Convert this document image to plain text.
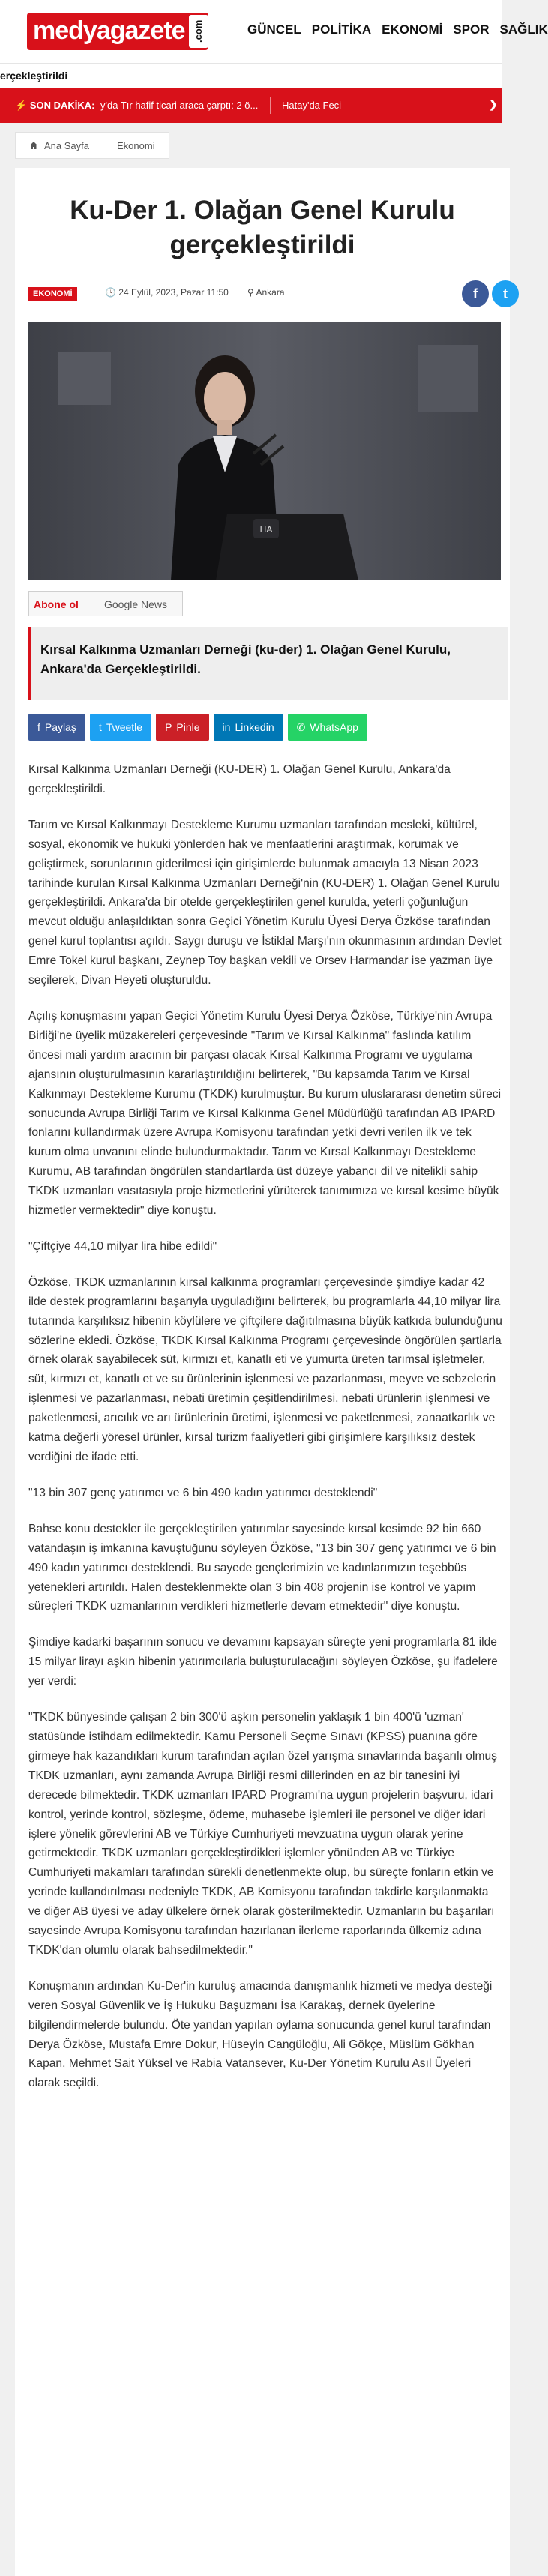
medyagazete .com	GÜNCEL POLİTİKA EKONOMİ SPOR SAĞLIK
erçekleştirildi
⚡ SON DAKİKA: y'da Tır hafif ticari araca çarptı: 2 ö... Hatay'da Feci	❯
Ana Sayfa	Ekonomi
Ku-Der 1. Olağan Genel Kurulu gerçekleştirildi
EKONOMİ	🕓 24 Eylül, 2023, Pazar 11:50 ⚲ Ankara	f	t
HA
Abone ol Google News
Kırsal Kalkınma Uzmanları Derneği (ku-der) 1. Olağan Genel Kurulu, Ankara'da Gerçekleştirildi.
f Paylaş t Tweetle P Pinle in Linkedin ✆ WhatsApp

Kırsal Kalkınma Uzmanları Derneği (KU-DER) 1. Olağan Genel Kurulu, Ankara'da gerçekleştirildi.

Tarım ve Kırsal Kalkınmayı Destekleme Kurumu uzmanları tarafından mesleki, kültürel, sosyal, ekonomik ve hukuki yönlerden hak ve menfaatlerini araştırmak, korumak ve geliştirmek, sorunlarının giderilmesi için girişimlerde bulunmak amacıyla 13 Nisan 2023 tarihinde kurulan Kırsal Kalkınma Uzmanları Derneği'nin (KU-DER) 1. Olağan Genel Kurulu gerçekleştirildi. Ankara'da bir otelde gerçekleştirilen genel kurulda, yeterli çoğunluğun mevcut olduğu anlaşıldıktan sonra Geçici Yönetim Kurulu Üyesi Derya Özköse tarafından genel kurul toplantısı açıldı. Saygı duruşu ve İstiklal Marşı'nın okunmasının ardından Devlet Emre Tokel kurul başkanı, Zeynep Toy başkan vekili ve Orsev Harmandar ise yazman üye seçilerek, Divan Heyeti oluşturuldu.

Açılış konuşmasını yapan Geçici Yönetim Kurulu Üyesi Derya Özköse, Türkiye'nin Avrupa Birliği'ne üyelik müzakereleri çerçevesinde "Tarım ve Kırsal Kalkınma" faslında katılım öncesi mali yardım aracının bir parçası olacak Kırsal Kalkınma Programı ve uygulama ajansının oluşturulmasının kararlaştırıldığını belirterek, "Bu kapsamda Tarım ve Kırsal Kalkınmayı Destekleme Kurumu (TKDK) kurulmuştur. Bu kurum uluslararası denetim süreci sonucunda Avrupa Birliği Tarım ve Kırsal Kalkınma Genel Müdürlüğü tarafından AB IPARD fonlarını kullandırmak üzere Avrupa Komisyonu tarafından yetki devri verilen ilk ve tek kurum olma unvanını elinde bulundurmaktadır. Tarım ve Kırsal Kalkınmayı Destekleme Kurumu, AB tarafından öngörülen standartlarda üst düzeye yabancı dil ve nitelikli sahip TKDK uzmanları vasıtasıyla proje hizmetlerini yürüterek tanımımıza ve kırsal kesime büyük hizmetler vermektedir" diye konuştu.

"Çiftçiye 44,10 milyar lira hibe edildi"

Özköse, TKDK uzmanlarının kırsal kalkınma programları çerçevesinde şimdiye kadar 42 ilde destek programlarını başarıyla uyguladığını belirterek, bu programlarla 44,10 milyar lira tutarında karşılıksız hibenin köylülere ve çiftçilere dağıtılmasına büyük katkıda bulunduğunu sözlerine ekledi. Özköse, TKDK Kırsal Kalkınma Programı çerçevesinde öngörülen şartlarla örnek olarak sayabilecek süt, kırmızı et, kanatlı eti ve yumurta üreten tarımsal işletmeler, süt, kırmızı et, kanatlı et ve su ürünlerinin işlenmesi ve pazarlanması, meyve ve sebzelerin işlenmesi ve pazarlanması, nebati üretimin çeşitlendirilmesi, nebati ürünlerin işlenmesi ve paketlenmesi, arıcılık ve arı ürünlerinin üretimi, işlenmesi ve paketlenmesi, zanaatkarlık ve katma değerli yöresel ürünler, kırsal turizm faaliyetleri gibi girişimlere karşılıksız destek verdiğini de ifade etti.

"13 bin 307 genç yatırımcı ve 6 bin 490 kadın yatırımcı desteklendi"

Bahse konu destekler ile gerçekleştirilen yatırımlar sayesinde kırsal kesimde 92 bin 660 vatandaşın iş imkanına kavuştuğunu söyleyen Özköse, "13 bin 307 genç yatırımcı ve 6 bin 490 kadın yatırımcı desteklendi. Bu sayede gençlerimizin ve kadınlarımızın teşebbüs yetenekleri artırıldı. Halen desteklenmekte olan 3 bin 408 projenin ise kontrol ve yapım süreçleri TKDK uzmanlarının verdikleri hizmetlerle devam etmektedir" diye konuştu.

Şimdiye kadarki başarının sonucu ve devamını kapsayan süreçte yeni programlarla 81 ilde 15 milyar lirayı aşkın hibenin yatırımcılarla buluşturulacağını söyleyen Özköse, şu ifadelere yer verdi:

"TKDK bünyesinde çalışan 2 bin 300'ü aşkın personelin yaklaşık 1 bin 400'ü 'uzman' statüsünde istihdam edilmektedir. Kamu Personeli Seçme Sınavı (KPSS) puanına göre girmeye hak kazandıkları kurum tarafından açılan özel yarışma sınavlarında başarılı olmuş TKDK uzmanları, aynı zamanda Avrupa Birliği resmi dillerinden en az bir tanesini iyi derecede bilmektedir. TKDK uzmanları IPARD Programı'na uygun projelerin başvuru, idari kontrol, yerinde kontrol, sözleşme, ödeme, muhasebe işlemleri ile personel ve diğer idari işlere yönelik görevlerini AB ve Türkiye Cumhuriyeti mevzuatına uygun olarak yerine getirmektedir. TKDK uzmanları gerçekleştirdikleri işlemler yönünden AB ve Türkiye Cumhuriyeti makamları tarafından sürekli denetlenmekte olup, bu süreçte fonların etkin ve yerinde kullandırılması nedeniyle TKDK, AB Komisyonu tarafından takdirle karşılanmakta ve diğer AB üyesi ve aday ülkelere örnek olarak gösterilmektedir. Uzmanların bu başarıları sayesinde Avrupa Komisyonu tarafından hazırlanan ilerleme raporlarında ülkemiz adına TKDK'dan olumlu olarak bahsedilmektedir."

Konuşmanın ardından Ku-Der'in kuruluş amacında danışmanlık hizmeti ve medya desteği veren Sosyal Güvenlik ve İş Hukuku Başuzmanı İsa Karakaş, dernek üyelerine bilgilendirmelerde bulundu. Öte yandan yapılan oylama sonucunda genel kurul tarafından Derya Özköse, Mustafa Emre Dokur, Hüseyin Cangüloğlu, Ali Gökçe, Müslüm Gökhan Kapan, Mehmet Sait Yüksel ve Rabia Vatansever, Ku-Der Yönetim Kurulu Asıl Üyeleri olarak seçildi.
